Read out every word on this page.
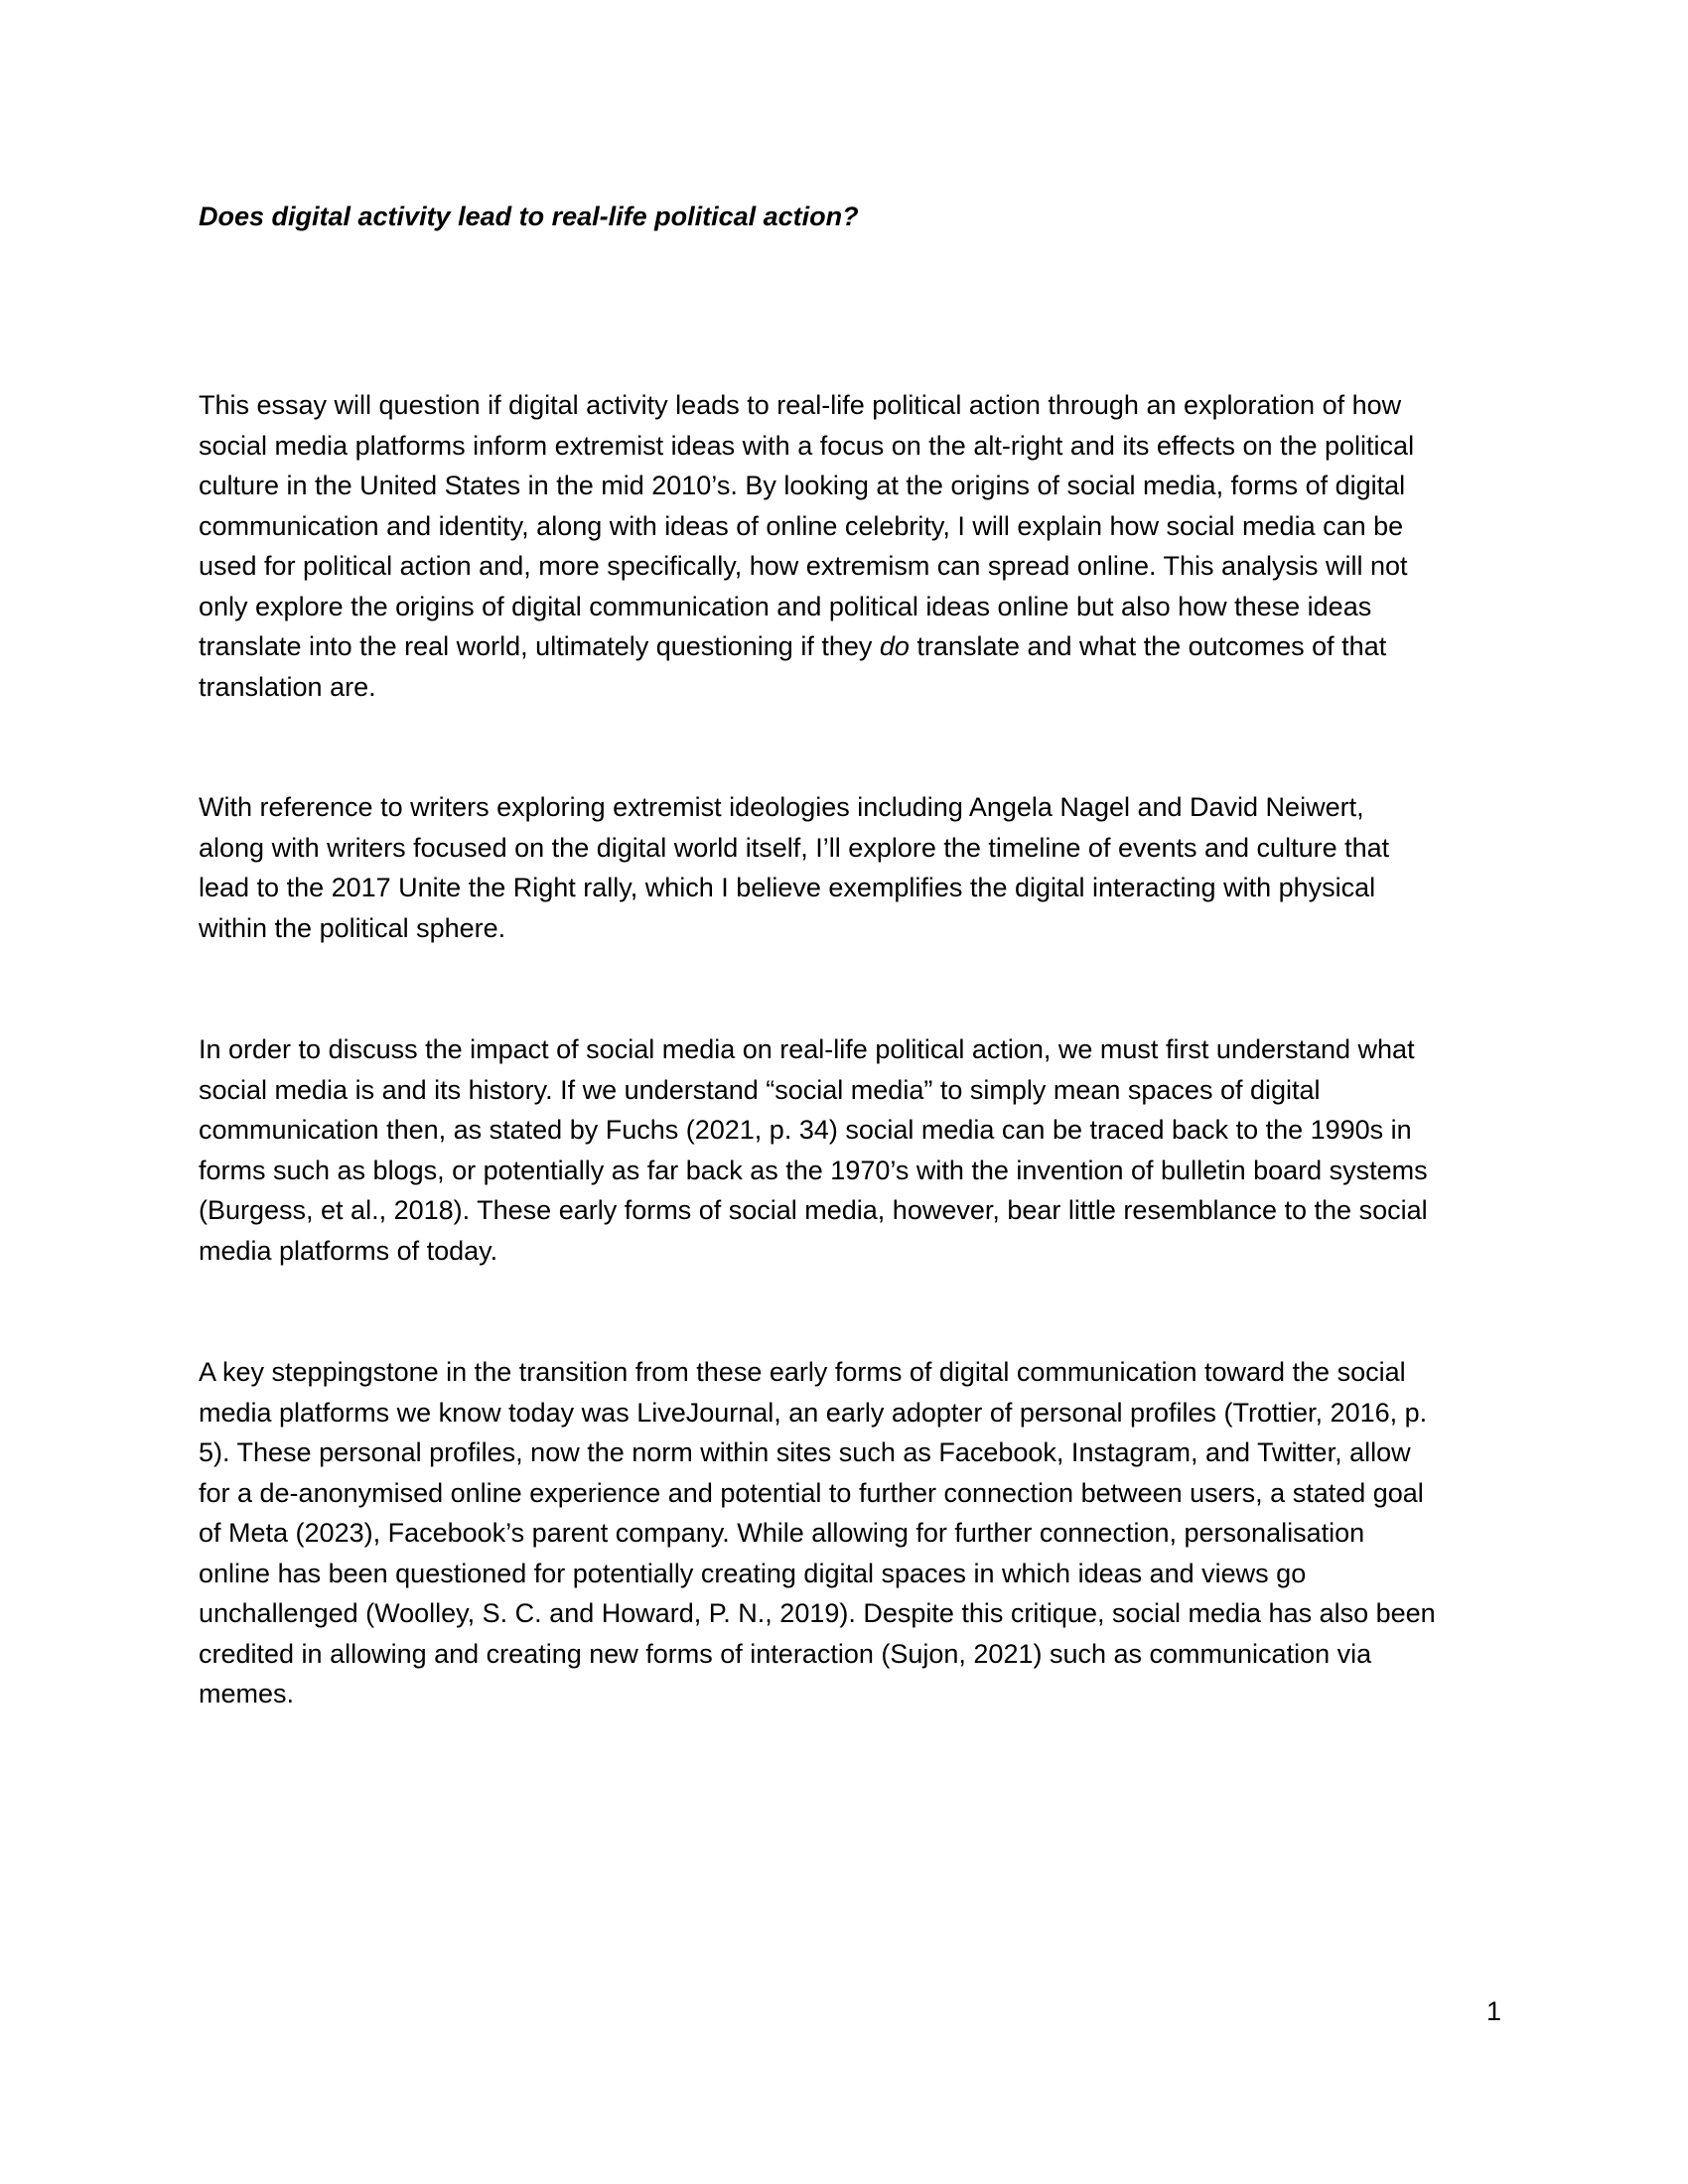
Does digital activity lead to real-life political action?

This essay will question if digital activity leads to real-life political action through an exploration of how
social media platforms inform extremist ideas with a focus on the alt-right and its effects on the political
culture in the United States in the mid 2010’s. By looking at the origins of social media, forms of digital
communication and identity, along with ideas of online celebrity, I will explain how social media can be
used for political action and, more specifically, how extremism can spread online. This analysis will not
only explore the origins of digital communication and political ideas online but also how these ideas
translate into the real world, ultimately questioning if they do translate and what the outcomes of that
translation are.

With reference to writers exploring extremist ideologies including Angela Nagel and David Neiwert,
along with writers focused on the digital world itself, I’ll explore the timeline of events and culture that
lead to the 2017 Unite the Right rally, which I believe exemplifies the digital interacting with physical
within the political sphere.

In order to discuss the impact of social media on real-life political action, we must first understand what
social media is and its history. If we understand “social media” to simply mean spaces of digital
communication then, as stated by Fuchs (2021, p. 34) social media can be traced back to the 1990s in
forms such as blogs, or potentially as far back as the 1970’s with the invention of bulletin board systems
(Burgess, et al., 2018). These early forms of social media, however, bear little resemblance to the social
media platforms of today.

A key steppingstone in the transition from these early forms of digital communication toward the social
media platforms we know today was LiveJournal, an early adopter of personal profiles (Trottier, 2016, p.
5). These personal profiles, now the norm within sites such as Facebook, Instagram, and Twitter, allow
for a de-anonymised online experience and potential to further connection between users, a stated goal
of Meta (2023), Facebook’s parent company. While allowing for further connection, personalisation
online has been questioned for potentially creating digital spaces in which ideas and views go
unchallenged (Woolley, S. C. and Howard, P. N., 2019). Despite this critique, social media has also been
credited in allowing and creating new forms of interaction (Sujon, 2021) such as communication via
memes.

1
